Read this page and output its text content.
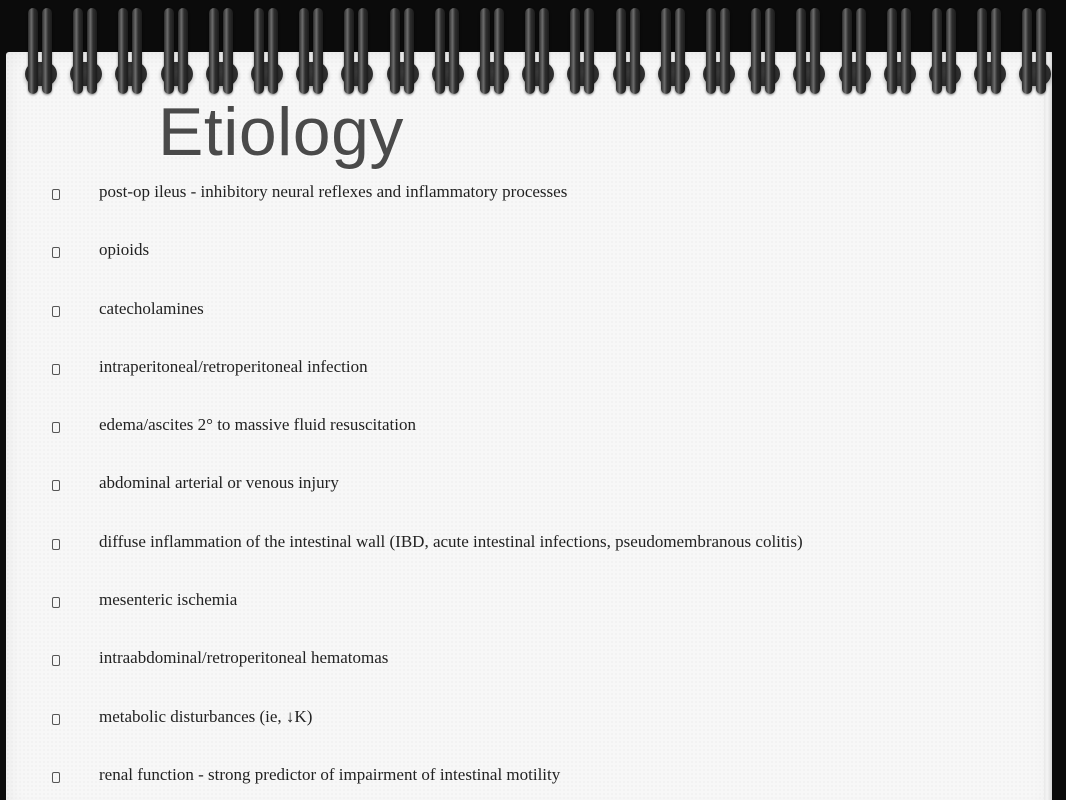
Etiology
post-op ileus - inhibitory neural reflexes and inflammatory processes
opioids
catecholamines
intraperitoneal/retroperitoneal infection
edema/ascites 2° to massive fluid resuscitation
abdominal arterial or venous injury
diffuse inflammation of the intestinal wall (IBD, acute intestinal infections, pseudomembranous colitis)
mesenteric ischemia
intraabdominal/retroperitoneal hematomas
metabolic disturbances (ie, ↓K)
renal function - strong predictor of impairment of intestinal motility
